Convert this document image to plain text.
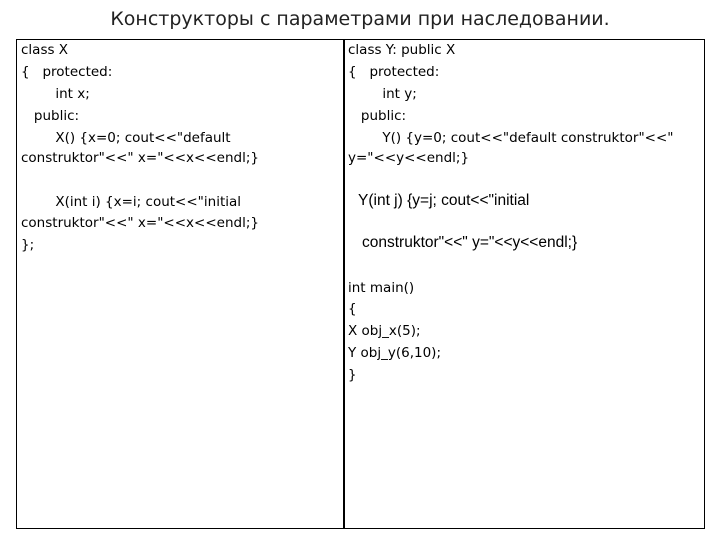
Конструкторы с параметрами при наследовании.
class X
{   protected:
int x;
public:
X() {x=0; cout<<"default
construktor"<<" x="<<x<<endl;}
X(int i) {x=i; cout<<"initial
construktor"<<" x="<<x<<endl;}
};
class Y: public X
{   protected:
int y;
public:
Y() {y=0; cout<<"default construktor"<<"
y="<<y<<endl;}
Y(int j) {y=j; cout<<"initial
construktor"<<" y="<<y<<endl;}
int main()
{
X obj_x(5);
Y obj_y(6,10);
}
